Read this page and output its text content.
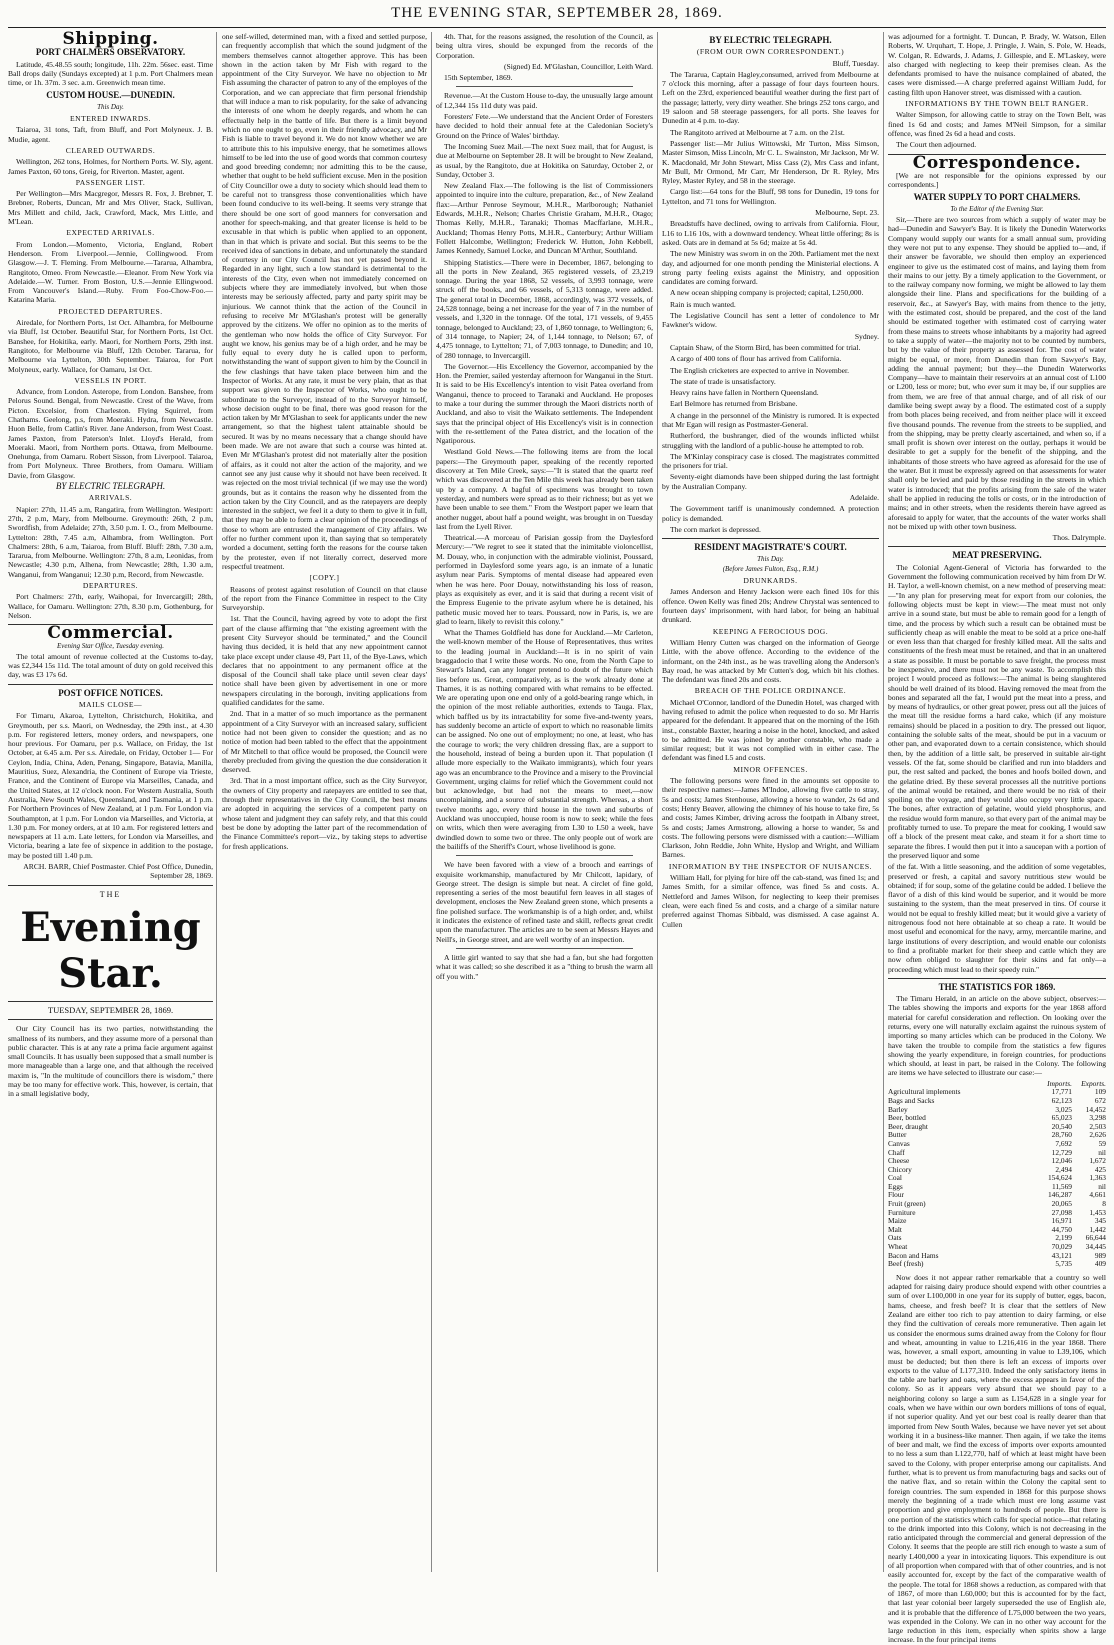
THE EVENING STAR, SEPTEMBER 28, 1869.
Shipping.
PORT CHALMERS OBSERVATORY.

Latitude, 45.48.55 south; longitude, 11h. 22m. 56sec. east. Time Ball drops daily (Sundays excepted) at 1 p.m. Port Chalmers mean time, or 1h. 37m. 3 sec. a.m. Greenwich mean time.

CUSTOM HOUSE.—DUNEDIN.
This Day.
ENTERED INWARDS.

Taiaroa, 31 tons, Taft, from Bluff, and Port Molyneux. J. B. Mudie, agent.

CLEARED OUTWARDS.

Wellington, 262 tons, Holmes, for Northern Ports. W. Sly, agent. James Paxton, 60 tons, Greig, for Riverton. Master, agent.

PASSENGER LIST.

Per Wellington—Mrs Macgregor, Messrs R. Fox, J. Brebner, T. Brebner, Roberts, Duncan, Mr and Mrs Oliver, Stack, Sullivan, Mrs Millett and child, Jack, Crawford, Mack, Mrs Little, and M'Lean.

EXPECTED ARRIVALS.

From London.—Momento, Victoria, England, Robert Henderson. From Liverpool.—Jennie, Collingwood. From Glasgow.—J. T. Fleming. From Melbourne.—Tararua, Alhambra, Rangitoto, Omeo. From Newcastle.—Eleanor. From New York via Adelaide.—W. Turner. From Boston, U.S.—Jennie Ellingwood. From Vancouver's Island.—Ruby. From Foo-Chow-Foo.—Katarina Maria.

PROJECTED DEPARTURES.

Airedale, for Northern Ports, 1st Oct. Alhambra, for Melbourne via Bluff, 1st October. Beautiful Star, for Northern Ports, 1st Oct. Banshee, for Hokitika, early. Maori, for Northern Ports, 29th inst. Rangitoto, for Melbourne via Bluff, 12th October. Tararua, for Melbourne via Lyttelton, 30th September. Taiaroa, for Port Molyneux, early. Wallace, for Oamaru, 1st Oct.

VESSELS IN PORT.

Advance, from London. Asterope, from London. Banshee, from Pelorus Sound. Bengal, from Newcastle. Crest of the Wave, from Picton. Excelsior, from Charleston. Flying Squirrel, from Chathams. Geelong, p.s, from Moeraki. Hydra, from Newcastle. Huon Belle, from Catlin's River. Jane Anderson, from West Coast. James Paxton, from Paterson's Inlet. Lloyd's Herald, from Moeraki. Maori, from Northern ports. Ottawa, from Melbourne. Onehunga, from Oamaru. Robert Sisson, from Liverpool. Taiaroa, from Port Molyneux. Three Brothers, from Oamaru. William Davie, from Glasgow.

BY ELECTRIC TELEGRAPH.
ARRIVALS.

Napier: 27th, 11.45 a.m, Rangatira, from Wellington. Westport: 27th, 2 p.m, Mary, from Melbourne. Greymouth: 26th, 2 p.m, Swordfish, from Adelaide; 27th, 3.50 p.m. I. O., from Melbourne. Lyttelton: 28th, 7.45 a.m, Alhambra, from Wellington. Port Chalmers: 28th, 6 a.m, Taiaroa, from Bluff. Bluff: 28th, 7.30 a.m, Tararua, from Melbourne. Wellington: 27th, 8 a.m, Leonidas, from Newcastle; 4.30 p.m, Alhena, from Newcastle; 28th, 1.30 a.m, Wanganui, from Wanganui; 12.30 p.m, Record, from Newcastle.

DEPARTURES.

Port Chalmers: 27th, early, Waihopai, for Invercargill; 28th, Wallace, for Oamaru. Wellington: 27th, 8.30 p.m, Gothenburg, for Nelson.

Commercial.
Evening Star Office, Tuesday evening.

The total amount of revenue collected at the Customs to-day, was £2,344 15s 11d. The total amount of duty on gold received this day, was £3 17s 6d.

POST OFFICE NOTICES.
MAILS CLOSE—

For Timaru, Akaroa, Lyttelton, Christchurch, Hokitika, and Greymouth, per s.s. Maori, on Wednesday, the 29th inst., at 4.30 p.m. For registered letters, money orders, and newspapers, one hour previous. For Oamaru, per p.s. Wallace, on Friday, the 1st October, at 6.45 a.m. Per s.s. Airedale, on Friday, October 1— For Ceylon, India, China, Aden, Penang, Singapore, Batavia, Manilla, Mauritius, Suez, Alexandria, the Continent of Europe via Trieste, France, and the Continent of Europe via Marseilles, Canada, and the United States, at 12 o'clock noon. For Western Australia, South Australia, New South Wales, Queensland, and Tasmania, at 1 p.m. For Northern Provinces of New Zealand, at 1 p.m. For London via Southampton, at 1 p.m. For London via Marseilles, and Victoria, at 1.30 p.m. For money orders, at at 10 a.m. For registered letters and newspapers at 11 a.m. Late letters, for London via Marseilles, and Victoria, bearing a late fee of sixpence in addition to the postage, may be posted till 1.40 p.m.

ARCH. BARR, Chief Postmaster. Chief Post Office, Dunedin, September 28, 1869.

THE
Evening Star.
TUESDAY, SEPTEMBER 28, 1869.

Our City Council has its two parties, notwithstanding the smallness of its numbers, and they assume more of a personal than public character. This is at any rate a prima facie argument against small Councils. It has usually been supposed that a small number is more manageable than a large one, and that although the received maxim is, "In the multitude of councillors there is wisdom," there may be too many for effective work. This, however, is certain, that in a small legislative body,

one self-willed, determined man, with a fixed and settled purpose, can frequently accomplish that which the sound judgment of the members themselves cannot altogether approve. This has been shown in the action taken by Mr Fish with regard to the appointment of the City Surveyor. We have no objection to Mr Fish assuming the character of patron to any of the employes of the Corporation, and we can appreciate that firm personal friendship that will induce a man to risk popularity, for the sake of advancing the interests of one whom he deeply regards, and whom he can effectually help in the battle of life. But there is a limit beyond which no one ought to go, even in their friendly advocacy, and Mr Fish is liable to travel beyond it. We do not know whether we are to attribute this to his impulsive energy, that he sometimes allows himself to be led into the use of good words that common courtesy and good breeding condemn; nor admitting this to be the cause, whether that ought to be held sufficient excuse. Men in the position of City Councillor owe a duty to society which should lead them to be careful not to transgress those conventionalities which have been found conducive to its well-being. It seems very strange that there should be one sort of good manners for conversation and another for speech-making, and that greater license is held to be excusable in that which is public when applied to an opponent, than in that which is private and social. But this seems to be the received idea of sanctions in debate, and unfortunately the standard of courtesy in our City Council has not yet passed beyond it. Regarded in any light, such a low standard is detrimental to the interests of the City, even when not immediately concerned on subjects where they are immediately involved, but when those interests may be seriously affected, party and party spirit may be injurious. We cannot think that the action of the Council in refusing to receive Mr M'Glashan's protest will be generally approved by the citizens. We offer no opinion as to the merits of the gentleman who now holds the office of City Surveyor. For aught we know, his genius may be of a high order, and he may be fully equal to every duty he is called upon to perform, notwithstanding the want of support given to him by the Council in the few clashings that have taken place between him and the Inspector of Works. At any rate, it must be very plain, that as that support was given to the Inspector of Works, who ought to be subordinate to the Surveyor, instead of to the Surveyor himself, whose decision ought to be final, there was good reason for the action taken by Mr M'Glashan to seek for applicants under the new arrangement, so that the highest talent attainable should be secured. It was by no means necessary that a change should have been made. We are not aware that such a course was hinted at. Even Mr M'Glashan's protest did not materially alter the position of affairs, as it could not alter the action of the majority, and we cannot see any just cause why it should not have been received. It was rejected on the most trivial technical (if we may use the word) grounds, but as it contains the reason why he dissented from the action taken by the City Council, and as the ratepayers are deeply interested in the subject, we feel it a duty to them to give it in full, that they may be able to form a clear opinion of the proceedings of those to whom are entrusted the management of City affairs. We offer no further comment upon it, than saying that so temperately worded a document, setting forth the reasons for the course taken by the protester, even if not literally correct, deserved more respectful treatment.

[COPY.]

Reasons of protest against resolution of Council on that clause of the report from the Finance Committee in respect to the City Surveyorship.

1st. That the Council, having agreed by vote to adopt the first part of the clause affirming that "the existing agreement with the present City Surveyor should be terminated," and the Council having thus decided, it is held that any new appointment cannot take place except under clause 49, Part 11, of the Bye-Laws, which declares that no appointment to any permanent office at the disposal of the Council shall take place until seven clear days' notice shall have been given by advertisement in one or more newspapers circulating in the borough, inviting applications from qualified candidates for the same.

2nd. That in a matter of so much importance as the permanent appointment of a City Surveyor with an increased salary, sufficient notice had not been given to consider the question; and as no notice of motion had been tabled to the effect that the appointment of Mr Mitchell to that office would be proposed, the Council were thereby precluded from giving the question the due consideration it deserved.

3rd. That in a most important office, such as the City Surveyor, the owners of City property and ratepayers are entitled to see that, through their representatives in the City Council, the best means are adopted in acquiring the services of a competent party on whose talent and judgment they can safely rely, and that this could best be done by adopting the latter part of the recommendation of the Finance Committee's report—viz., by taking steps to advertise for fresh applications.

4th. That, for the reasons assigned, the resolution of the Council, as being ultra vires, should be expunged from the records of the Corporation.

(Signed) Ed. M'Glashan, Councillor, Leith Ward.

15th September, 1869.

Revenue.—At the Custom House to-day, the unusually large amount of L2,344 15s 11d duty was paid.

Foresters' Fete.—We understand that the Ancient Order of Foresters have decided to hold their annual fete at the Caledonian Society's Ground on the Prince of Wales' birthday.

The Incoming Suez Mail.—The next Suez mail, that for August, is due at Melbourne on September 28. It will be brought to New Zealand, as usual, by the Rangitoto, due at Hokitika on Saturday, October 2, or Sunday, October 3.

New Zealand Flax.—The following is the list of Commissioners appointed to inquire into the culture, preparation, &c., of New Zealand flax:—Arthur Penrose Seymour, M.H.R., Marlborough; Nathaniel Edwards, M.H.R., Nelson; Charles Christie Graham, M.H.R., Otago; Thomas Kelly, M.H.R., Taranaki; Thomas Macffarlane, M.H.R., Auckland; Thomas Henry Potts, M.H.R., Canterbury; Arthur William Follett Halcombe, Wellington; Frederick W. Hutton, John Kebbell, James Kennedy, Samuel Locke, and Duncan M'Arthur, Southland.

Shipping Statistics.—There were in December, 1867, belonging to all the ports in New Zealand, 365 registered vessels, of 23,219 tonnage. During the year 1868, 52 vessels, of 3,993 tonnage, were struck off the books, and 66 vessels, of 5,313 tonnage, were added. The general total in December, 1868, accordingly, was 372 vessels, of 24,528 tonnage, being a net increase for the year of 7 in the number of vessels, and 1,320 in the tonnage. Of the total, 171 vessels, of 9,455 tonnage, belonged to Auckland; 23, of 1,860 tonnage, to Wellington; 6, of 314 tonnage, to Napier; 24, of 1,144 tonnage, to Nelson; 67, of 4,475 tonnage, to Lyttelton; 71, of 7,003 tonnage, to Dunedin; and 10, of 280 tonnage, to Invercargill.

The Governor.—His Excellency the Governor, accompanied by the Hon. the Premier, sailed yesterday afternoon for Wanganui in the Sturt. It is said to be His Excellency's intention to visit Patea overland from Wanganui, thence to proceed to Taranaki and Auckland. He proposes to make a tour during the summer through the Maori districts north of Auckland, and also to visit the Waikato settlements. The Independent says that the principal object of His Excellency's visit is in connection with the re-settlement of the Patea district, and the location of the Ngatiporous.

Westland Gold News.—The following items are from the local papers:—The Greymouth paper, speaking of the recently reported discovery at Ten Mile Creek, says:—"It is stated that the quartz reef which was discovered at the Ten Mile this week has already been taken up by a company. A bagful of specimens was brought to town yesterday, and numbers were spread as to their richness; but as yet we have been unable to see them." From the Westport paper we learn that another nugget, about half a pound weight, was brought in on Tuesday last from the Lyell River.

Theatrical.—A morceau of Parisian gossip from the Daylesford Mercury:—"We regret to see it stated that the inimitable violoncellist, M. Douay, who, in conjunction with the admirable violinist, Poussard, performed in Daylesford some years ago, is an inmate of a lunatic asylum near Paris. Symptoms of mental disease had appeared even when he was here. Poor Douay, notwithstanding his loss of reason, plays as exquisitely as ever, and it is said that during a recent visit of the Empress Eugenie to the private asylum where he is detained, his pathetic music moved her to tears. Poussard, now in Paris, is, we are glad to learn, likely to revisit this colony."

What the Thames Goldfield has done for Auckland.—Mr Carleton, the well-known member of the House of Representatives, thus writes to the leading journal in Auckland:—It is in no spirit of vain braggadocio that I write these words. No one, from the North Cape to Stewart's Island, can any longer pretend to doubt of the future which lies before us. Great, comparatively, as is the work already done at Thames, it is as nothing compared with what remains to be effected. We are operating upon one end only of a gold-bearing range which, in the opinion of the most reliable authorities, extends to Tauga. Flax, which baffled us by its intractability for some five-and-twenty years, has suddenly become an article of export to which no reasonable limits can be assigned. No one out of employment; no one, at least, who has the courage to work; the very children dressing flax, are a support to the household, instead of being a burden upon it. That population (I allude more especially to the Waikato immigrants), which four years ago was an encumbrance to the Province and a misery to the Provincial Government, urging claims for relief which the Government could not but acknowledge, but had not the means to meet,—now uncomplaining, and a source of substantial strength. Whereas, a short twelve months ago, every third house in the town and suburbs of Auckland was unoccupied, house room is now to seek; while the fees on writs, which then were averaging from L30 to L50 a week, have dwindled down to some two or three. The only people out of work are the bailiffs of the Sheriff's Court, whose livelihood is gone.

We have been favored with a view of a brooch and earrings of exquisite workmanship, manufactured by Mr Chilcott, lapidary, of George street. The design is simple but neat. A circlet of fine gold, representing a series of the most beautiful fern leaves in all stages of development, encloses the New Zealand green stone, which presents a fine polished surface. The workmanship is of a high order, and, whilst it indicates the existence of refined taste and skill, reflects great credit upon the manufacturer. The articles are to be seen at Messrs Hayes and Neill's, in George street, and are well worthy of an inspection.

A little girl wanted to say that she had a fan, but she had forgotten what it was called; so she described it as a "thing to brush the warm all off you with."

BY ELECTRIC TELEGRAPH.
(FROM OUR OWN CORRESPONDENT.)

Bluff, Tuesday.

The Tararua, Captain Hagley,consumed, arrived from Melbourne at 7 o'clock this morning, after a passage of four days fourteen hours. Left on the 23rd, experienced beautiful weather during the first part of the passage; latterly, very dirty weather. She brings 252 tons cargo, and 19 saloon and 58 steerage passengers, for all ports. She leaves for Dunedin at 4 p.m. to-day.

The Rangitoto arrived at Melbourne at 7 a.m. on the 21st.

Passenger list:—Mr Julius Wittowski, Mr Turton, Miss Simson, Master Simson, Miss Lincoln, Mr C. L. Swainston, Mr Jackson, Mr W. K. Macdonald, Mr John Stewart, Miss Cass (2), Mrs Cass and infant, Mr Bull, Mr Ormond, Mr Carr, Mr Henderson, Dr R. Ryley, Mrs Ryley, Master Ryley, and 58 in the steerage.

Cargo list:—64 tons for the Bluff, 98 tons for Dunedin, 19 tons for Lyttelton, and 71 tons for Wellington.

Melbourne, Sept. 23.

Breadstuffs have declined, owing to arrivals from California. Flour, L16 to L16 10s, with a downward tendency. Wheat little offering; 8s is asked. Oats are in demand at 5s 6d; maize at 5s 4d.

The new Ministry was sworn in on the 20th. Parliament met the next day, and adjourned for one month pending the Ministerial elections. A strong party feeling exists against the Ministry, and opposition candidates are coming forward.

A new ocean shipping company is projected; capital, L250,000.

Rain is much wanted.

The Legislative Council has sent a letter of condolence to Mr Fawkner's widow.

Sydney.

Captain Shaw, of the Storm Bird, has been committed for trial.

A cargo of 400 tons of flour has arrived from California.

The English cricketers are expected to arrive in November.

The state of trade is unsatisfactory.

Heavy rains have fallen in Northern Queensland.

Earl Belmore has returned from Brisbane.

A change in the personnel of the Ministry is rumored. It is expected that Mr Egan will resign as Postmaster-General.

Rutherford, the bushranger, died of the wounds inflicted whilst struggling with the landlord of a public-house he attempted to rob.

The M'Kinlay conspiracy case is closed. The magistrates committed the prisoners for trial.

Seventy-eight diamonds have been shipped during the last fortnight by the Australian Company.

Adelaide.

The Government tariff is unanimously condemned. A protection policy is demanded.

The corn market is depressed.

RESIDENT MAGISTRATE'S COURT.
This Day.
(Before James Fulton, Esq., R.M.)
DRUNKARDS.

James Anderson and Henry Jackson were each fined 10s for this offence. Owen Kelly was fined 20s; Andrew Chrystal was sentenced to fourteen days' imprisonment, with hard labor, for being an habitual drunkard.

KEEPING A FEROCIOUS DOG.

William Henry Cutten was charged on the information of George Little, with the above offence. According to the evidence of the informant, on the 24th inst., as he was travelling along the Anderson's Bay road, he was attacked by Mr Cutten's dog, which bit his clothes. The defendant was fined 20s and costs.

BREACH OF THE POLICE ORDINANCE.

Michael O'Connor, landlord of the Dunedin Hotel, was charged with having refused to admit the police when requested to do so. Mr Harris appeared for the defendant. It appeared that on the morning of the 16th inst., constable Baxter, hearing a noise in the hotel, knocked, and asked to be admitted. He was joined by another constable, who made a similar request; but it was not complied with in either case. The defendant was fined L5 and costs.

MINOR OFFENCES.

The following persons were fined in the amounts set opposite to their respective names:—James M'Indoe, allowing five cattle to stray, 5s and costs; James Stenhouse, allowing a horse to wander, 2s 6d and costs; Henry Beaver, allowing the chimney of his house to take fire, 5s and costs; James Kimber, driving across the footpath in Albany street, 5s and costs; James Armstrong, allowing a horse to wander, 5s and costs. The following persons were dismissed with a caution:—William Clarkson, John Reddie, John White, Hyslop and Wright, and William Barnes.

INFORMATION BY THE INSPECTOR OF NUISANCES.

William Hall, for plying for hire off the cab-stand, was fined 1s; and James Smith, for a similar offence, was fined 5s and costs. A. Nettleford and James Wilson, for neglecting to keep their premises clean, were each fined 5s and costs, and a charge of a similar nature preferred against Thomas Sibbald, was dismissed. A case against A. Cullen

was adjourned for a fortnight. T. Duncan, P. Brady, W. Watson, Ellen Roberts, W. Urquhart, T. Hope, J. Pringle, J. Wain, S. Pole, W. Heads, W. Colgan, R. Edwards, J. Adams, J. Gillespie, and E. M'Laskey, were also charged with neglecting to keep their premises clean. As the defendants promised to have the nuisance complained of abated, the cases were dismissed.—A charge preferred against William Judd, for casting filth upon Hanover street, was dismissed with a caution.

INFORMATIONS BY THE TOWN BELT RANGER.

Walter Simpson, for allowing cattle to stray on the Town Belt, was fined 1s 6d and costs; and James M'Neil Simpson, for a similar offence, was fined 2s 6d a head and costs.

The Court then adjourned.

Correspondence.

[We are not responsible for the opinions expressed by our correspondents.]

WATER SUPPLY TO PORT CHALMERS.
To the Editor of the Evening Star.

Sir,—There are two sources from which a supply of water may be had—Dunedin and Sawyer's Bay. It is likely the Dunedin Waterworks Company would supply our wants for a small annual sum, providing they were not put to any expense. They should be applied to—and, if their answer be favorable, we should then employ an experienced engineer to give us the estimated cost of mains, and laying them from their mains to our jetty. By a timely application to the Government, or to the railway company now forming, we might be allowed to lay them alongside their line. Plans and specifications for the building of a reservoir, &c., at Sawyer's Bay, with mains from thence to the jetty, with the estimated cost, should be prepared, and the cost of the land should be estimated together with estimated cost of carrying water from these mains to streets whose inhabitants by a majority had agreed to take a supply of water—the majority not to be counted by numbers, but by the value of their property as assessed for. The cost of water might be equal, or more, from Dunedin than from Sawyer's Bay, adding the annual payment; but they—the Dunedin Waterworks Company—have to maintain their reservoirs at an annual cost of L100 or L200, less or more; but, who ever sum it may be, if our supplies are from them, we are free of that annual charge, and of all risk of our damlike being swept away by a flood. The estimated cost of a supply from both places being received, and from neither place will it exceed five thousand pounds. The revenue from the streets to be supplied, and from the shipping, may be pretty clearly ascertained, and when so, if a small profit is shown over interest on the outlay, perhaps it would be desirable to get a supply for the benefit of the shipping, and the inhabitants of those streets who have agreed as aforesaid for the use of the water. But it must be expressly agreed on that assessments for water shall only be levied and paid by those residing in the streets in which water is introduced; that the profits arising from the sale of the water shall be applied in reducing the tolls or costs, or in the introduction of mains; and in other streets, when the residents therein have agreed as aforesaid to apply for water, that the accounts of the water works shall not be mixed up with other town business.

Thos. Dalrymple.

MEAT PRESERVING.

The Colonial Agent-General of Victoria has forwarded to the Government the following communication received by him from Dr W. H. Taylor, a well-known chemist, on a new method of preserving meat:—"In any plan for preserving meat for export from our colonies, the following objects must be kept in view:—The meat must not only arrive in a sound state, but must be able to remain good for a length of time, and the process by which such a result can be obtained must be sufficiently cheap as will enable the meat to be sold at a price one-half or even less than that charged for freshly killed meat. All the salts and constituents of the fresh meat must be retained, and that in an unaltered a state as possible. It must be portable to save freight, the process must be inexpensive, and there must not be any waste. To accomplish this project I would proceed as follows:—The animal is being slaughtered should be well drained of its blood. Having removed the meat from the bones and separated all the fat, I would put the meat into a press, and by means of hydraulics, or other great power, press out all the juices of the meat till the residue forms a hard cake, which (if any moisture remains) should be placed in a position to dry. The pressed out liquor, containing the soluble salts of the meat, should be put in a vacuum or other pan, and evaporated down to a certain consistence, which should then, by the addition of a little salt, be preserved in suitable air-tight vessels. Of the fat, some should be clarified and run into bladders and put, the rest salted and packed, the bones and hoofs boiled down, and the gelatine dried. By these several processes all the nutritive portions of the animal would be retained, and there would be no risk of their spoiling on the voyage, and they would also occupy very little space. The bones, after extraction of gelatine, would yield phosphorus, and the residue would form manure, so that every part of the animal may be profitably turned to use. To prepare the meat for cooking, I would saw off a block of the present meat cake, and steam it for a short time to separate the fibres. I would then put it into a saucepan with a portion of the preserved liquor and some

of the fat. With a little seasoning, and the addition of some vegetables, preserved or fresh, a capital and savory nutritious stew would be obtained; if for soup, some of the gelatine could be added. I believe the flavor of a dish of this kind would be superior, and it would be more sustaining to the system, than the meat preserved in tins. Of course it would not be equal to freshly killed meat; but it would give a variety of nitrogenous food not here obtainable at so cheap a rate. It would be most useful and economical for the navy, army, mercantile marine, and large institutions of every description, and would enable our colonists to find a profitable market for their sheep and cattle which they are now often obliged to slaughter for their skins and fat only—a proceeding which must lead to their speedy ruin."

THE STATISTICS FOR 1869.

The Timaru Herald, in an article on the above subject, observes:—The tables showing the imports and exports for the year 1868 afford material for careful consideration and reflection. On looking over the returns, every one will naturally exclaim against the ruinous system of importing so many articles which can be produced in the Colony. We have taken the trouble to compile from the statistics a few figures showing the yearly expenditure, in foreign countries, for productions which should, at least in part, be raised in the Colony. The following are items we have selected to illustrate our case:—

	Imports.	Exports.
Agricultural implements	17,771	109
Bags and Sacks	62,123	672
Barley	3,025	14,452
Beer, bottled	65,023	3,298
Beer, draught	20,540	2,503
Butter	28,760	2,626
Canvas	7,692	59
Chaff	12,729	nil
Cheese	12,046	1,672
Chicory	2,494	425
Coal	154,624	1,363
Eggs	11,569	nil
Flour	146,287	4,661
Fruit (green)	20,065	8
Furniture	27,098	1,453
Maize	16,971	345
Malt	44,750	1,442
Oats	2,199	66,644
Wheat	70,029	34,445
Bacon and Hams	43,121	989
Beef (fresh)	5,735	409

Now does it not appear rather remarkable that a country so well adapted for raising dairy produce should expend with other countries a sum of over L100,000 in one year for its supply of butter, eggs, bacon, hams, cheese, and fresh beef? It is clear that the settlers of New Zealand are either too rich to pay attention to dairy farming, or else they find the cultivation of cereals more remunerative. Then again let us consider the enormous sums drained away from the Colony for flour and wheat, amounting in value to L216,416 in the year 1868. There was, however, a small export, amounting in value to L39,106, which must be deducted; but then there is left an excess of imports over exports to the value of L177,310. Indeed the only satisfactory items in the table are barley and oats, where the excess appears in favor of the colony. So as it appears very absurd that we should pay to a neighboring colony so large a sum as L154,628 in a single year for coals, when we have within our own borders millions of tons of equal, if not superior quality. And yet our best coal is really dearer than that imported from New South Wales, because we have never yet set about working it in a business-like manner. Then again, if we take the items of beer and malt, we find the excess of imports over exports amounted to no less a sum than L122,770, half of which at least might have been saved to the Colony, with proper enterprise among our capitalists. And further, what is to prevent us from manufacturing bags and sacks out of the native flax, and so retain within the Colony the capital sent to foreign countries. The sum expended in 1868 for this purpose shows merely the beginning of a trade which must ere long assume vast proportion and give employment to hundreds of people. But there is one portion of the statistics which calls for special notice—that relating to the drink imported into this Colony, which is not decreasing in the ratio anticipated through the commercial and general depression of the Colony. It seems that the people are still rich enough to waste a sum of nearly L400,000 a year in intoxicating liquors. This expenditure is out of all proportion when compared with that of other countries, and is not easily accounted for, except by the fact of the comparative wealth of the people. The total for 1868 shows a reduction, as compared with that of 1867, of more than L60,000; but this is accounted for by the fact, that last year colonial beer largely superseded the use of English ale, and it is probable that the difference of L75,000 between the two years, was expended in the Colony. We can in no other way account for the large reduction in this item, especially when spirits show a large increase. In the four principal items
